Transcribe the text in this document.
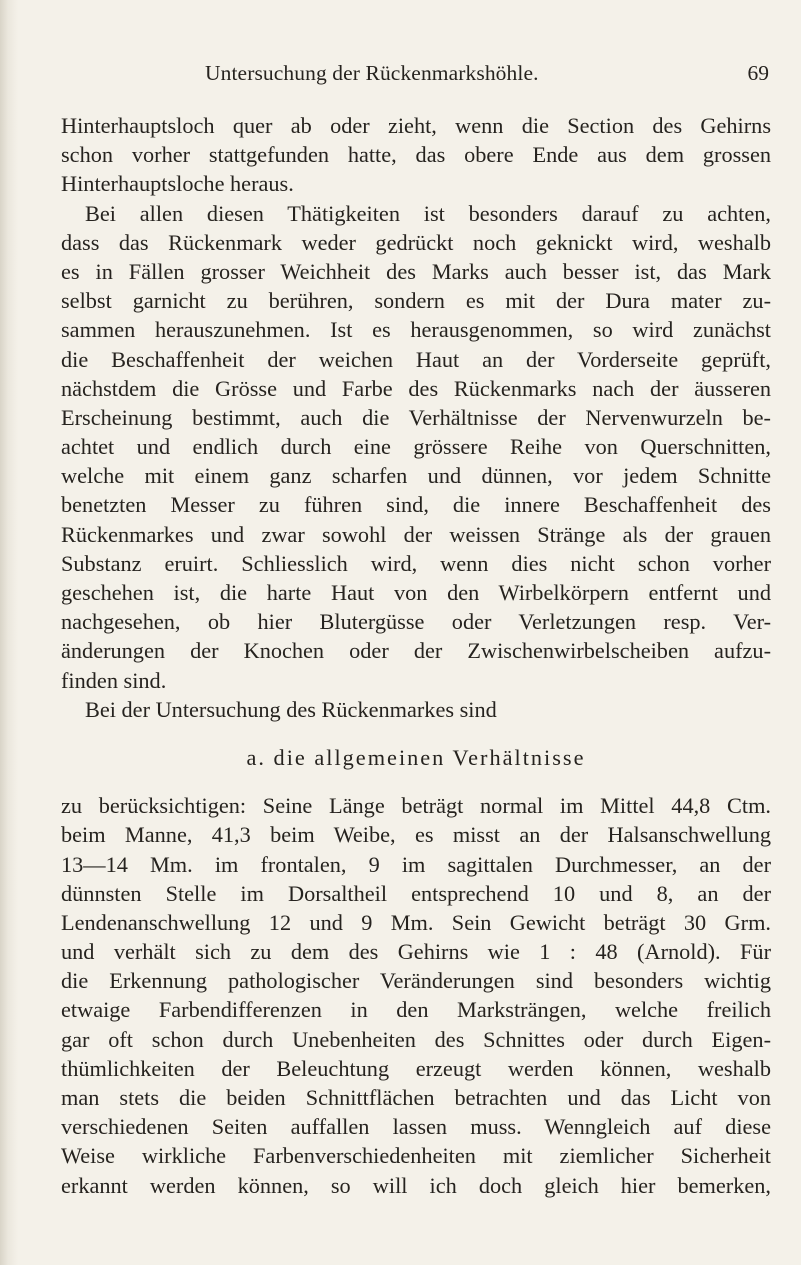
Untersuchung der Rückenmarkshöhle.	69
Hinterhauptsloch quer ab oder zieht, wenn die Section des Gehirns
schon vorher stattgefunden hatte, das obere Ende aus dem grossen
Hinterhauptsloche heraus.
Bei allen diesen Thätigkeiten ist besonders darauf zu achten,
dass das Rückenmark weder gedrückt noch geknickt wird, weshalb
es in Fällen grosser Weichheit des Marks auch besser ist, das Mark
selbst garnicht zu berühren, sondern es mit der Dura mater zu-
sammen herauszunehmen. Ist es herausgenommen, so wird zunächst
die Beschaffenheit der weichen Haut an der Vorderseite geprüft,
nächstdem die Grösse und Farbe des Rückenmarks nach der äusseren
Erscheinung bestimmt, auch die Verhältnisse der Nervenwurzeln be-
achtet und endlich durch eine grössere Reihe von Querschnitten,
welche mit einem ganz scharfen und dünnen, vor jedem Schnitte
benetzten Messer zu führen sind, die innere Beschaffenheit des
Rückenmarkes und zwar sowohl der weissen Stränge als der grauen
Substanz eruirt. Schliesslich wird, wenn dies nicht schon vorher
geschehen ist, die harte Haut von den Wirbelkörpern entfernt und
nachgesehen, ob hier Blutergüsse oder Verletzungen resp. Ver-
änderungen der Knochen oder der Zwischenwirbelscheiben aufzu-
finden sind.
Bei der Untersuchung des Rückenmarkes sind
a. die allgemeinen Verhältnisse
zu berücksichtigen: Seine Länge beträgt normal im Mittel 44,8 Ctm.
beim Manne, 41,3 beim Weibe, es misst an der Halsanschwellung
13—14 Mm. im frontalen, 9 im sagittalen Durchmesser, an der
dünnsten Stelle im Dorsaltheil entsprechend 10 und 8, an der
Lendenanschwellung 12 und 9 Mm. Sein Gewicht beträgt 30 Grm.
und verhält sich zu dem des Gehirns wie 1 : 48 (Arnold). Für
die Erkennung pathologischer Veränderungen sind besonders wichtig
etwaige Farbendifferenzen in den Marksträngen, welche freilich
gar oft schon durch Unebenheiten des Schnittes oder durch Eigen-
thümlichkeiten der Beleuchtung erzeugt werden können, weshalb
man stets die beiden Schnittflächen betrachten und das Licht von
verschiedenen Seiten auffallen lassen muss. Wenngleich auf diese
Weise wirkliche Farbenverschiedenheiten mit ziemlicher Sicherheit
erkannt werden können, so will ich doch gleich hier bemerken,
